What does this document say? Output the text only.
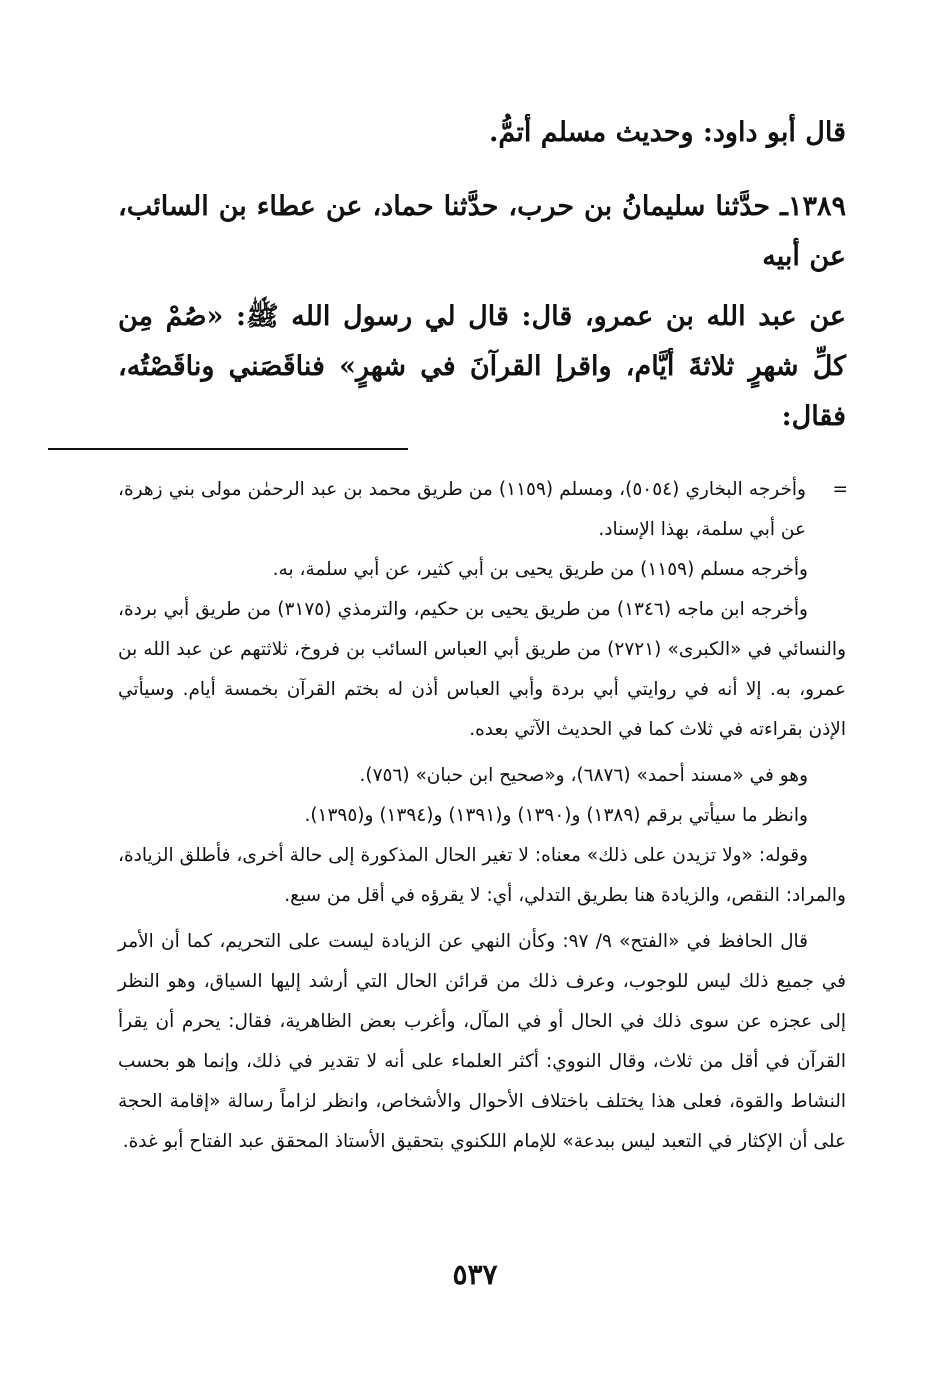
قال أبو داود: وحديث مسلم أتمُّ.

١٣٨٩ـ حدَّثنا سليمانُ بن حرب، حدَّثنا حماد، عن عطاء بن السائب، عن أبيه

عن عبد الله بن عمرو، قال: قال لي رسول الله ﷺ: «صُمْ مِن كلِّ شهرٍ ثلاثةَ أيَّام، واقرإ القرآنَ في شهرٍ» فناقَصَني وناقَصْتُه، فقال:

=

وأخرجه البخاري (٥٠٥٤)، ومسلم (١١٥٩) من طريق محمد بن عبد الرحمٰن مولى بني زهرة، عن أبي سلمة، بهذا الإسناد.

وأخرجه مسلم (١١٥٩) من طريق يحيى بن أبي كثير، عن أبي سلمة، به.

وأخرجه ابن ماجه (١٣٤٦) من طريق يحيى بن حكيم، والترمذي (٣١٧٥) من طريق أبي بردة، والنسائي في «الكبرى» (٢٧٢١) من طريق أبي العباس السائب بن فروخ، ثلاثتهم عن عبد الله بن عمرو، به. إلا أنه في روايتي أبي بردة وأبي العباس أذن له بختم القرآن بخمسة أيام. وسيأتي الإذن بقراءته في ثلاث كما في الحديث الآتي بعده.

وهو في «مسند أحمد» (٦٨٧٦)، و«صحيح ابن حبان» (٧٥٦).

وانظر ما سيأتي برقم (١٣٨٩) و(١٣٩٠) و(١٣٩١) و(١٣٩٤) و(١٣٩٥).

وقوله: «ولا تزيدن على ذلك» معناه: لا تغير الحال المذكورة إلى حالة أخرى، فأطلق الزيادة، والمراد: النقص، والزيادة هنا بطريق التدلي، أي: لا يقرؤه في أقل من سبع.

قال الحافظ في «الفتح» ٩/ ٩٧: وكأن النهي عن الزيادة ليست على التحريم، كما أن الأمر في جميع ذلك ليس للوجوب، وعرف ذلك من قرائن الحال التي أرشد إليها السياق، وهو النظر إلى عجزه عن سوى ذلك في الحال أو في المآل، وأغرب بعض الظاهرية، فقال: يحرم أن يقرأ القرآن في أقل من ثلاث، وقال النووي: أكثر العلماء على أنه لا تقدير في ذلك، وإنما هو بحسب النشاط والقوة، فعلى هذا يختلف باختلاف الأحوال والأشخاص، وانظر لزاماً رسالة «إقامة الحجة على أن الإكثار في التعبد ليس ببدعة» للإمام اللكنوي بتحقيق الأستاذ المحقق عبد الفتاح أبو غدة.

٥٣٧
